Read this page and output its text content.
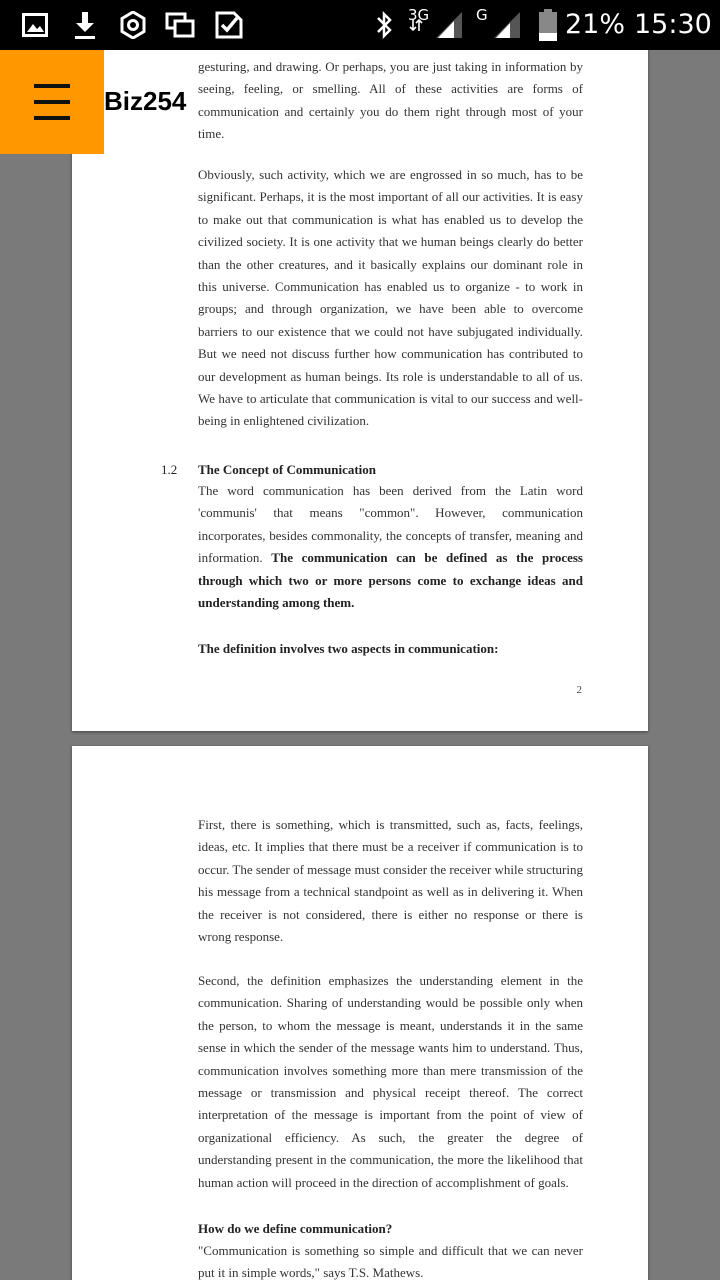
3G	G	21% 15:30

gesturing, and drawing. Or perhaps, you are just taking in information by seeing, feeling, or smelling. All of these activities are forms of communication and certainly you do them right through most of your time.

Obviously, such activity, which we are engrossed in so much, has to be significant. Perhaps, it is the most important of all our activities. It is easy to make out that communication is what has enabled us to develop the civilized society. It is one activity that we human beings clearly do better than the other creatures, and it basically explains our dominant role in this universe. Communication has enabled us to organize - to work in groups; and through organization, we have been able to overcome barriers to our existence that we could not have subjugated individually. But we need not discuss further how communication has contributed to our development as human beings. Its role is understandable to all of us. We have to articulate that communication is vital to our success and well-being in enlightened civilization.

1.2 The Concept of Communication

The word communication has been derived from the Latin word 'communis' that means "common". However, communication incorporates, besides commonality, the concepts of transfer, meaning and information. The communication can be defined as the process through which two or more persons come to exchange ideas and understanding among them.

The definition involves two aspects in communication:

2

First, there is something, which is transmitted, such as, facts, feelings, ideas, etc. It implies that there must be a receiver if communication is to occur. The sender of message must consider the receiver while structuring his message from a technical standpoint as well as in delivering it. When the receiver is not considered, there is either no response or there is wrong response.

Second, the definition emphasizes the understanding element in the communication. Sharing of understanding would be possible only when the person, to whom the message is meant, understands it in the same sense in which the sender of the message wants him to understand. Thus, communication involves something more than mere transmission of the message or transmission and physical receipt thereof. The correct interpretation of the message is important from the point of view of organizational efficiency. As such, the greater the degree of understanding present in the communication, the more the likelihood that human action will proceed in the direction of accomplishment of goals.

How do we define communication?

"Communication is something so simple and difficult that we can never put it in simple words," says T.S. Mathews.

Biz254
